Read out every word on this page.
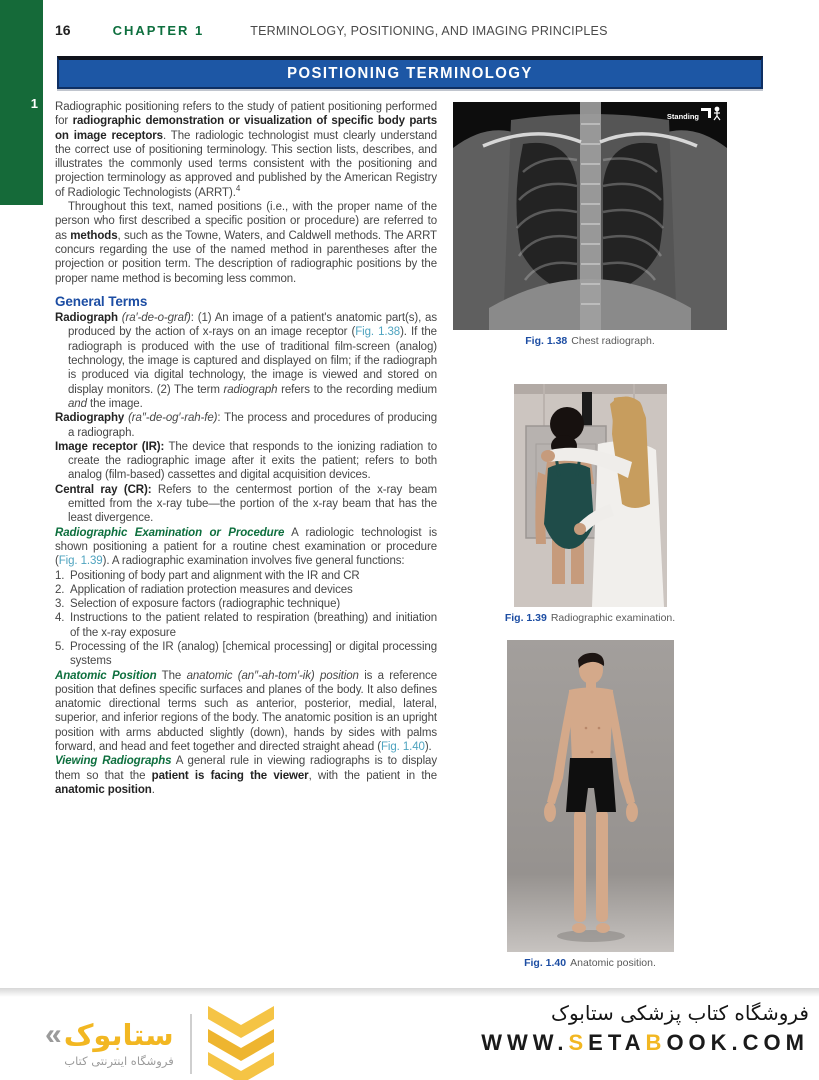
1
16	CHAPTER 1	TERMINOLOGY, POSITIONING, AND IMAGING PRINCIPLES
POSITIONING TERMINOLOGY

Radiographic positioning refers to the study of patient positioning performed for radiographic demonstration or visualization of specific body parts on image receptors. The radiologic technologist must clearly understand the correct use of positioning terminology. This section lists, describes, and illustrates the commonly used terms consistent with the positioning and projection terminology as approved and published by the American Registry of Radiologic Technologists (ARRT).$^4$

Throughout this text, named positions (i.e., with the proper name of the person who first described a specific position or procedure) are referred to as methods, such as the Towne, Waters, and Caldwell methods. The ARRT concurs regarding the use of the named method in parentheses after the projection or position term. The description of radiographic positions by the proper name method is becoming less common.

General Terms

Radiograph (ra′-de-o-graf): (1) An image of a patient's anatomic part(s), as produced by the action of x-rays on an image receptor (Fig. 1.38). If the radiograph is produced with the use of traditional film-screen (analog) technology, the image is captured and displayed on film; if the radiograph is produced via digital technology, the image is viewed and stored on display monitors. (2) The term radiograph refers to the recording medium and the image.

Radiography (ra″-de-og′-rah-fe): The process and procedures of producing a radiograph.

Image receptor (IR): The device that responds to the ionizing radiation to create the radiographic image after it exits the patient; refers to both analog (film-based) cassettes and digital acquisition devices.

Central ray (CR): Refers to the centermost portion of the x-ray beam emitted from the x-ray tube—the portion of the x-ray beam that has the least divergence.

Radiographic Examination or Procedure A radiologic technologist is shown positioning a patient for a routine chest examination or procedure (Fig. 1.39). A radiographic examination involves five general functions:

1. Positioning of body part and alignment with the IR and CR
2. Application of radiation protection measures and devices
3. Selection of exposure factors (radiographic technique)
4. Instructions to the patient related to respiration (breathing) and initiation of the x-ray exposure
5. Processing of the IR (analog) [chemical processing] or digital processing systems

Anatomic Position The anatomic (an″-ah-tom′-ik) position is a reference position that defines specific surfaces and planes of the body. It also defines anatomic directional terms such as anterior, posterior, medial, lateral, superior, and inferior regions of the body. The anatomic position is an upright position with arms abducted slightly (down), hands by sides with palms forward, and head and feet together and directed straight ahead (Fig. 1.40).

Viewing Radiographs A general rule in viewing radiographs is to display them so that the patient is facing the viewer, with the patient in the anatomic position.

Standing
Fig. 1.38 Chest radiograph.
Fig. 1.39 Radiographic examination.
Fig. 1.40 Anatomic position.
« ستابوک
فروشگاه اینترنتی کتاب
فروشگاه کتاب پزشکی ستابوک
WWW.SETABOOK.COM
